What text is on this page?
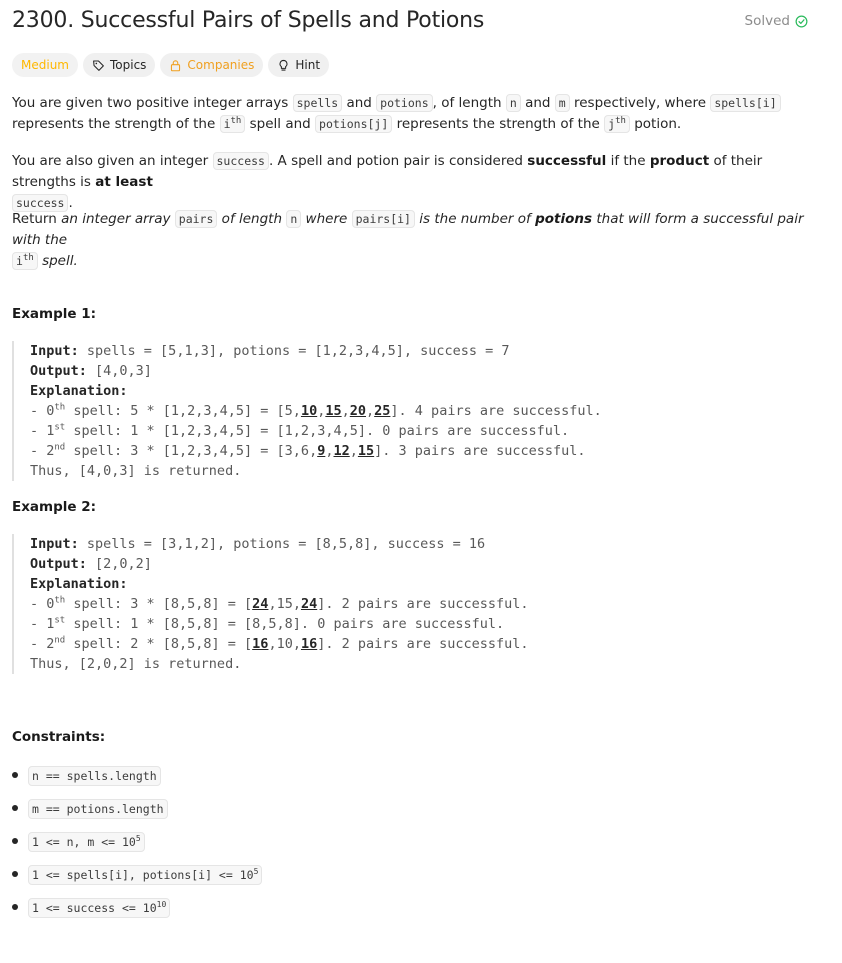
2300. Successful Pairs of Spells and Potions	Solved
Medium	Topics	Companies	Hint
You are given two positive integer arrays spells and potions , of length n and m respectively, where spells[i] represents the strength of the $i^{th}$ spell and potions[j] represents the strength of the $j^{th}$ potion.
You are also given an integer success . A spell and potion pair is considered successful if the product of their strengths is at least
success .
Return an integer array pairs of length n where pairs[i] is the number of potions that will form a successful pair with the
$i^{th}$ spell.
Example 1:
Input: spells = [5,1,3], potions = [1,2,3,4,5], success = 7
Output: [4,0,3]
Explanation:
- 0th spell: 5 * [1,2,3,4,5] = [5,10,15,20,25]. 4 pairs are successful.
- 1st spell: 1 * [1,2,3,4,5] = [1,2,3,4,5]. 0 pairs are successful.
- 2nd spell: 3 * [1,2,3,4,5] = [3,6,9,12,15]. 3 pairs are successful.
Thus, [4,0,3] is returned.
Example 2:
Input: spells = [3,1,2], potions = [8,5,8], success = 16
Output: [2,0,2]
Explanation:
- 0th spell: 3 * [8,5,8] = [24,15,24]. 2 pairs are successful.
- 1st spell: 1 * [8,5,8] = [8,5,8]. 0 pairs are successful.
- 2nd spell: 2 * [8,5,8] = [16,10,16]. 2 pairs are successful.
Thus, [2,0,2] is returned.
Constraints:
n == spells.length
m == potions.length
1 <= n, $m <= 10^5$
1 <= spells[i], potions[i] <= $10^5$
1 <= success <= $10^{10}$
